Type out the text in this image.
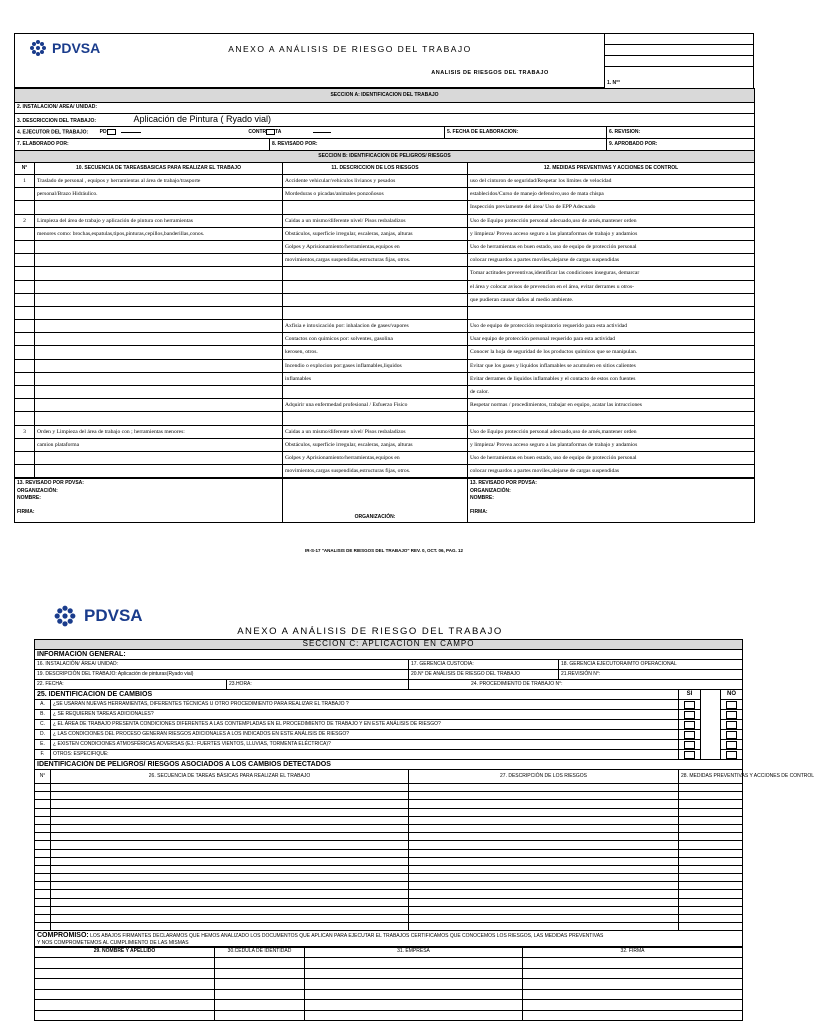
PDVSA	ANEXO A ANÁLISIS DE RIESGO DEL TRABAJO
ANALISIS DE RIESGOS DEL TRABAJO

1. N°°
SECCION A: IDENTIFICACION DEL TRABAJO			
2. INSTALACION/ AREA/ UNIDAD:			
3. DESCRICCION DEL TRABAJO: Aplicación de Pintura ( Ryado vial)			
4. EJECUTOR DEL TRABAJO: PD CONTR TA		5. FECHA DE ELABORACION:	6. REVISION:
7. ELABORADO POR:	8. REVISADO POR:		9. APROBADO POR:
SECCION B: IDENTIFICACION DE PELIGROS/ RIESGOS			
N°	10. SECUENCIA DE TAREASBASICAS PARA REALIZAR EL TRABAJO	11. DESCRICCION DE LOS RIESGOS	12. MEDIDAS PREVENTIVAS Y ACCIONES DE CONTROL
1	Traslado de personal , equipos y herramientas al área de trabajo/trasporte	Accidente vehicular/vehiculos livianos y pesados	uso del cinturon de seguridad/Respetar los limites de velocidad
	personal/Brazo Hidráulico.	Mordeduras o picadas/animales ponzoñosos	establecidos/Curso de manejo defensivo,uso de mata chispa
			Inspección previamente del área/ Uso de EPP Adecuado
2	Limpieza del área de trabajo y aplicación de pintura con herramientas	Caidas a un mismo/diferente nivel/ Pisos resbaladizos	Uso de Equipo protección personal adecuado,uso de arnés,mantener orden
	menores como: brochas,espatulas,tipos,pinturas,cepillos,banderillas,conos.	Obstáculos, superficie irregular, escaleras, zanjas, alturas	y limpieza/ Provea acceso seguro a las plantaformas de trabajo y andamios
		Golpes y Aprisionamiento/herramientas,equipos en	Uso de herramientas en buen estado, uso de equipo de protección personal
		movimientos,cargas suspendidas,estructuras fijas, otros.	colocar resguardos a partes moviles,alejarse de cargas suspendidas
			Tomar actitudes preventivas,identificar las condiciones inseguras, demarcar
			el área y colocar avisos de prevencion en el área, evitar derrames u otros-
			que pudieran causar daños al medio ambiente.

		Axfisia e intoxicación por: inhalacion de gases/vapores	Uso de equipo de protección respiratorio requerido para esta actividad
		Contactos con quimicos por: solventes, gasolina	Usar equipo de protección personal requerido para esta actividad
		kerosen, otros.	Conocer la hoja de seguridad de los productos químicos que se manipulan.
		Incendio o explocion por:gases inflamables,liquidos	Evitar que los gases y liquidos inflamables se acumulen en sitios calientes
		inflamables	Evitar derrames de liquidos inflamables y el contacto de estos con fuentes
			de calor.
		Adquirir una enfermedad profesional / Esfuerzo Fisico	Respetar normas / procedimientos, trabajar en equipo, acatar las intrucciones

3	Orden y Limpieza del área de trabajo con ; herramientas menores:	Caidas a un mismo/diferente nivel/ Pisos resbaladizos	Uso de Equipo protección personal adecuado,uso de arnés,mantener orden
	camion plataforma	Obstáculos, superficie irregular, escaleras, zanjas, alturas	y limpieza/ Provea acceso seguro a las plantaformas de trabajo y andamios
		Golpes y Aprisionamiento/herramientas,equipos en	Uso de herramientas en buen estado, uso de equipo de protección personal
		movimientos,cargas suspendidas,estructuras fijas, otros.	colocar resguardos a partes moviles,alejarse de cargas suspendidas
13. REVISADO POR PDVSA:
ORGANIZACIÓN:
NOMBRE:
FIRMA:
	ORGANIZACIÓN:	
13. REVISADO POR PDVSA:
ORGANIZACIÓN:
NOMBRE:
FIRMA:
IR-S-17 "ANALISIS DE RIESGOS DEL TRABAJO" REV. 0, OCT. 06, PAG. 12
PDVSA
ANEXO A ANÁLISIS DE RIESGO DEL TRABAJO
SECCION C: APLICACION EN CAMPO							
INFORMACIÓN GENERAL:							
16. INSTALACIÓN/ ÁREA/ UNIDAD:			17. GERENCIA CUSTODIA:	18. GERENCIA EJECUTORA/MTO OPERACIONAL			
19. DESCRIPCIÓN DEL TRABAJO: Aplicación de pinturas(Ryado vial)			20.N° DE ANÁLISIS DE RIESGO DEL TRABAJO	21.REVISIÓN N°:			
22. FECHA:		23.HORA:	24. PROCEDIMIENTO DE TRABAJO N°:				
25. IDENTIFICACION DE CAMBIOS					SI		NO
A.	¿SE USARAN NUEVAS HERRAMIENTAS, DIFERENTES TÉCNICAS U OTRO PROCEDIMIENTO PARA REALIZAR EL TRABAJO ?						
B.	¿ SE REQUIEREN TAREAS ADICIONALES?						
C.	¿ EL ÁREA DE TRABAJO PRESENTA CONDICIONES DIFERENTES A LAS CONTEMPLADAS EN EL PROCEDIMIENTO DE TRABAJO Y EN ESTE ANÁLISIS DE RIESGO?						
D.	¿ LAS CONDICIONES DEL PROCESO GENERAN RIESGOS ADICIONALES A LOS INDICADOS EN ESTE ANÁLISIS DE RIESGO?						
E.	¿ EXISTEN CONDICIONES ATMOSFÉRICAS ADVERSAS (EJ.: FUERTES VIENTOS, LLUVIAS, TORMENTA ELÉCTRICA)?						
F.	OTROS: ESPECIFIQUE:						
IDENTIFICACIÓN DE PELIGROS/ RIESGOS ASOCIADOS A LOS CAMBIOS DETECTADOS							
N°	26. SECUENCIA DE TAREAS BÁSICAS PARA REALIZAR EL TRABAJO		27. DESCRIPCIÓN DE LOS RIESGOS		28. MEDIDAS PREVENTIVAS Y ACCIONES DE CONTROL		

COMPROMISO: LOS ABAJOS FIRMANTES DECLARAMOS QUE HEMOS ANALIZADO LOS DOCUMENTOS QUE APLICAN PARA EJECUTAR EL TRABAJOS CERTIFICAMOS QUE CONOCEMOS LOS RIESGOS, LAS MEDIDAS PREVENTIVAS
Y NOS COMPROMETEMOS AL CUMPLIMIENTO DE LAS MISMAS							
29. NOMBRE Y APELLIDO	30.CEDULA DE IDENTIDAD	31. EMPRESA	32. FIRMA
